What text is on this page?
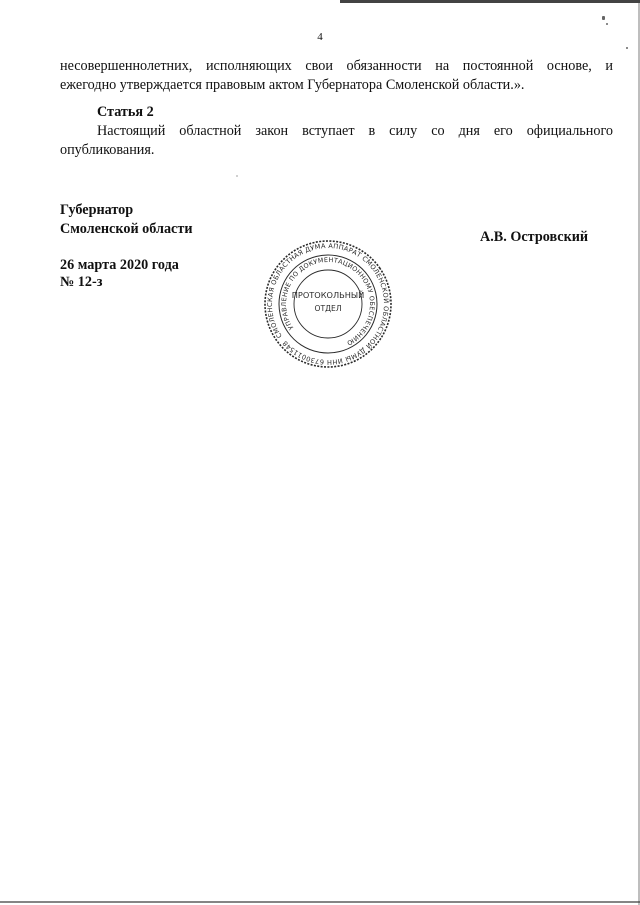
4

несовершеннолетних, исполняющих свои обязанности на постоянной основе, и

ежегодно утверждается правовым актом Губернатора Смоленской области.».

Статья 2

Настоящий областной закон вступает в силу со дня его официального

опубликования.

Губернатор
Смоленской области	А.В. Островский
26 марта 2020 года
№ 12-з
СМОЛЕНСКАЯ ОБЛАСТНАЯ ДУМА АППАРАТ СМОЛЕНСКОЙ ОБЛАСТНОЙ ДУМЫ ИНН 6730011548
УПРАВЛЕНИЕ ПО ДОКУМЕНТАЦИОННОМУ ОБЕСПЕЧЕНИЮ
ПРОТОКОЛЬНЫЙ
ОТДЕЛ
